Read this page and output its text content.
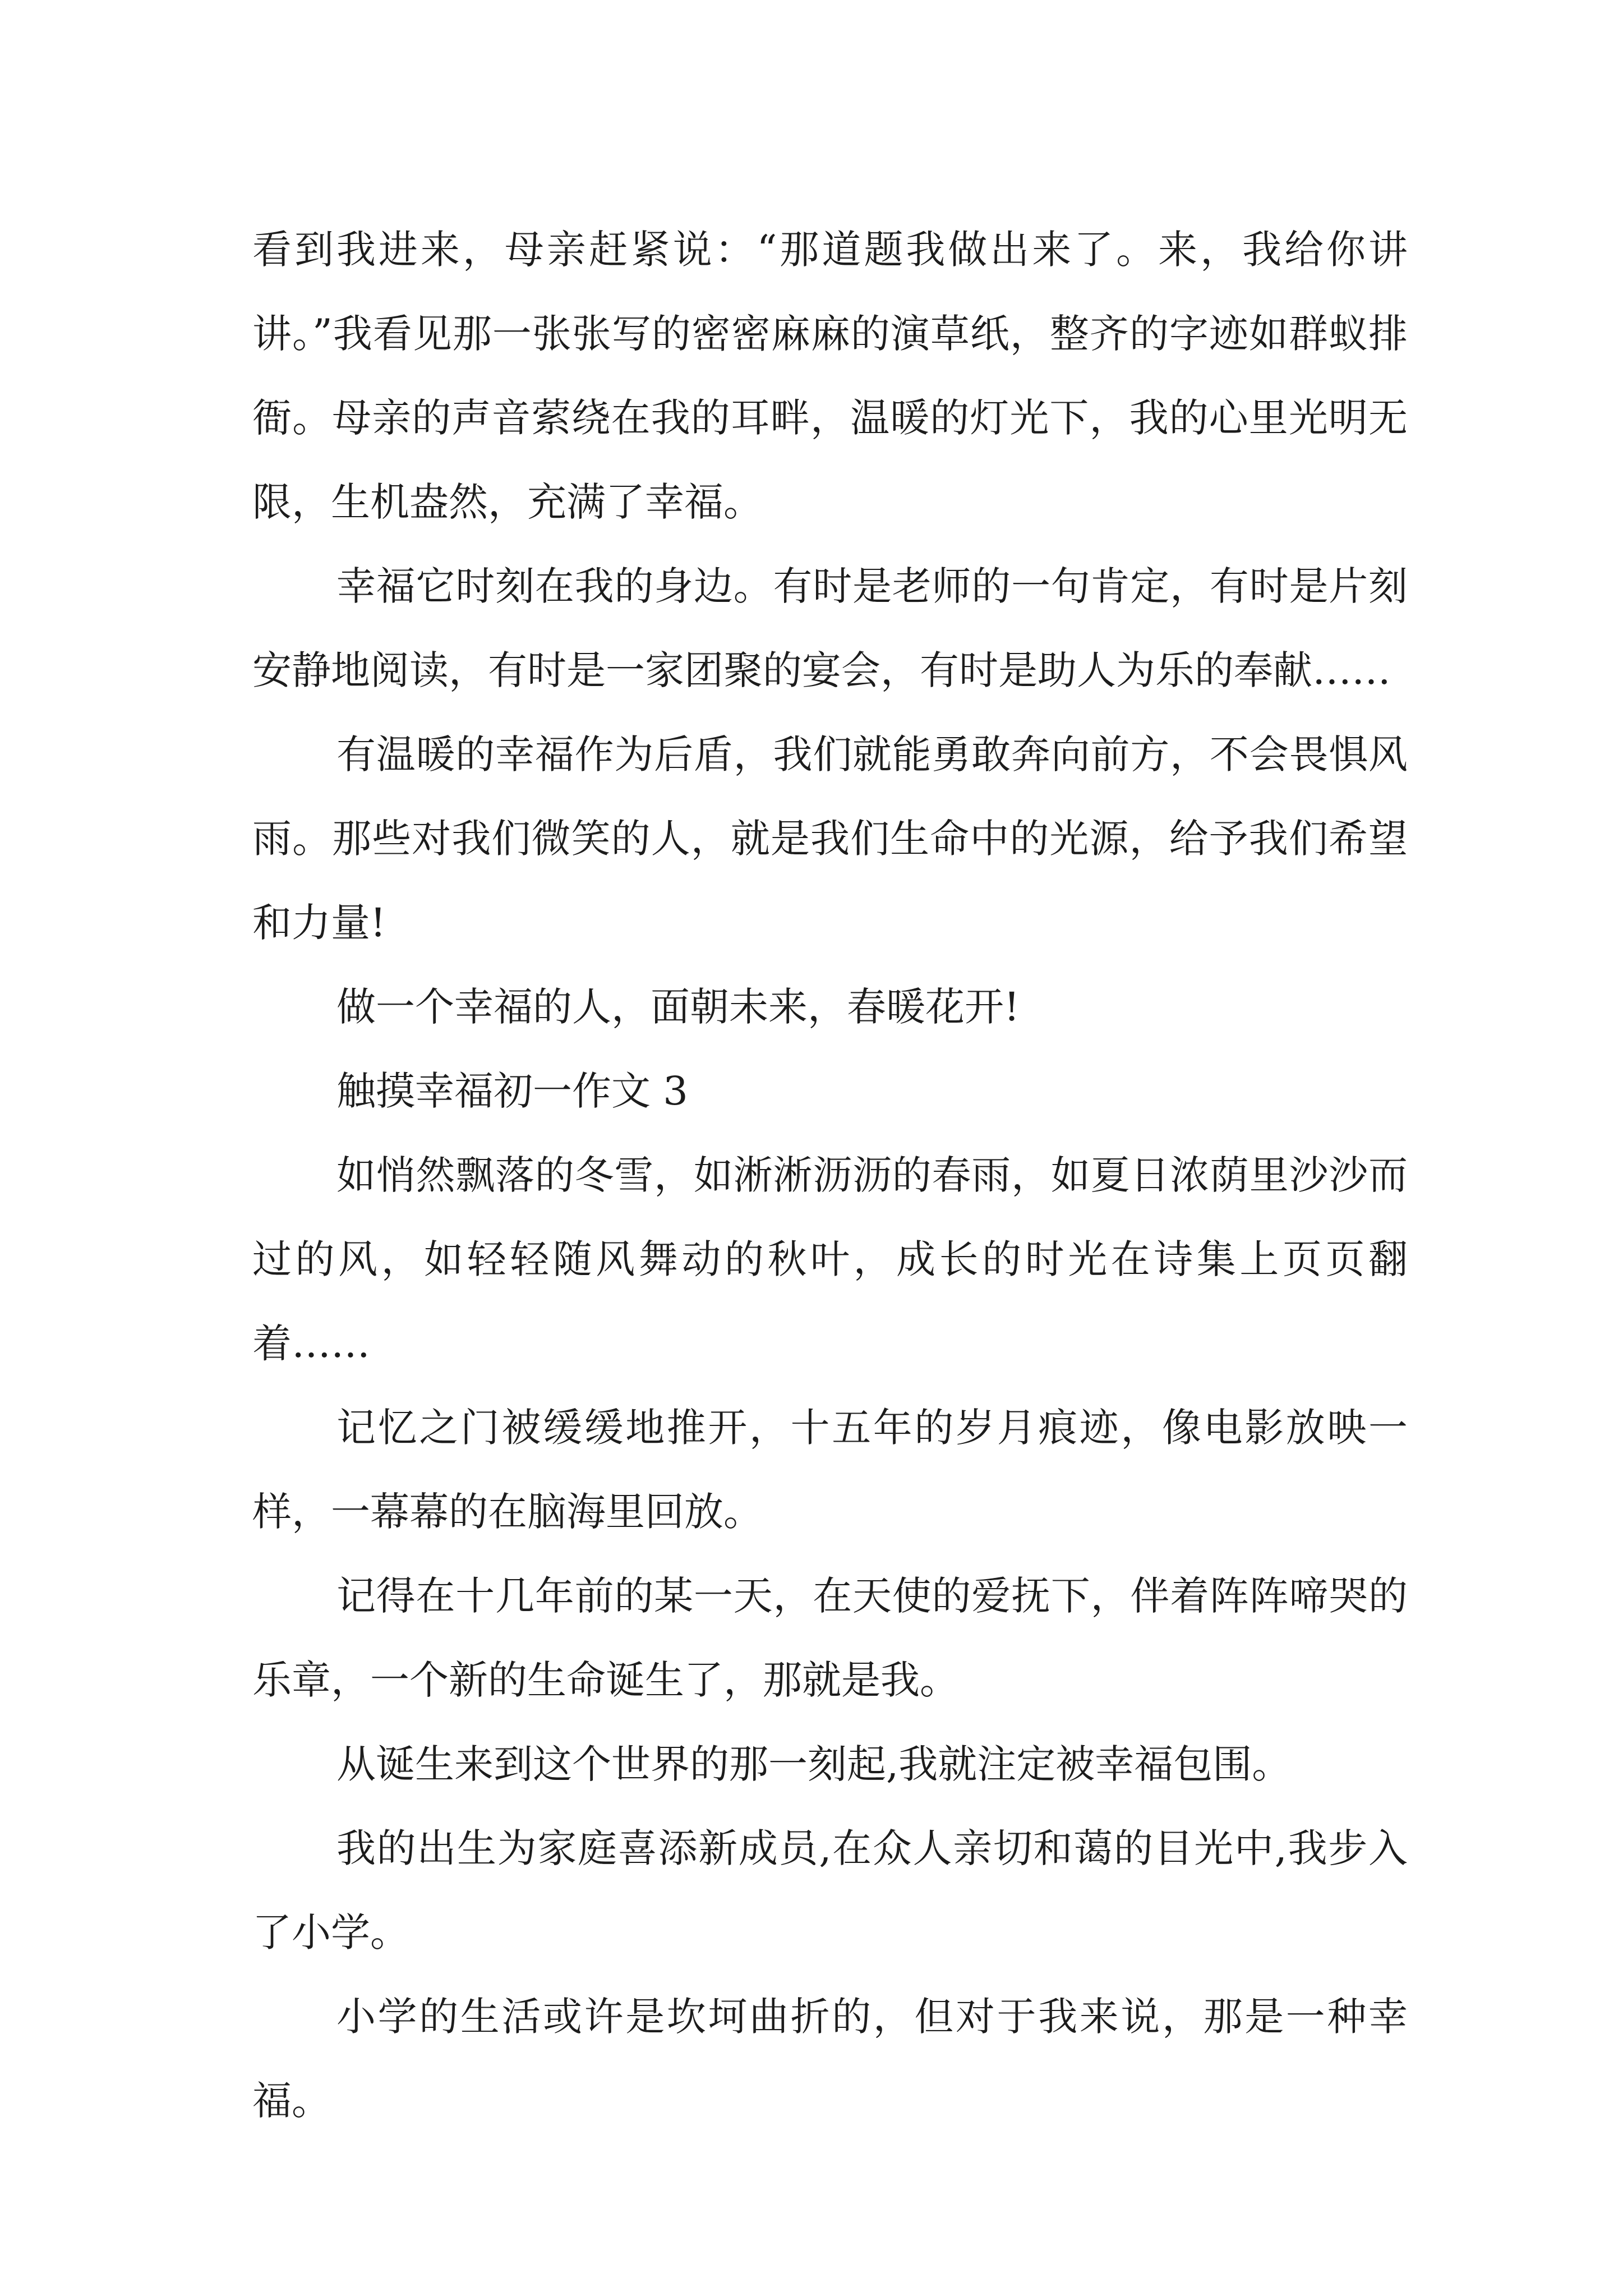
看到我进来，母亲赶紧说：“那道题我做出来了。来，我给你讲讲。”我看见那一张张写的密密麻麻的演草纸，整齐的字迹如群蚁排衙。母亲的声音萦绕在我的耳畔，温暖的灯光下，我的心里光明无限，生机盎然，充满了幸福。

幸福它时刻在我的身边。有时是老师的一句肯定，有时是片刻安静地阅读，有时是一家团聚的宴会，有时是助人为乐的奉献……

有温暖的幸福作为后盾，我们就能勇敢奔向前方，不会畏惧风雨。那些对我们微笑的人，就是我们生命中的光源，给予我们希望和力量!

做一个幸福的人，面朝未来，春暖花开!

触摸幸福初一作文 3

如悄然飘落的冬雪，如淅淅沥沥的春雨，如夏日浓荫里沙沙而过的风，如轻轻随风舞动的秋叶，成长的时光在诗集上页页翻着……

记忆之门被缓缓地推开，十五年的岁月痕迹，像电影放映一样，一幕幕的在脑海里回放。

记得在十几年前的某一天，在天使的爱抚下，伴着阵阵啼哭的乐章，一个新的生命诞生了，那就是我。

从诞生来到这个世界的那一刻起,我就注定被幸福包围。

我的出生为家庭喜添新成员,在众人亲切和蔼的目光中,我步入了小学。

小学的生活或许是坎坷曲折的，但对于我来说，那是一种幸福。
